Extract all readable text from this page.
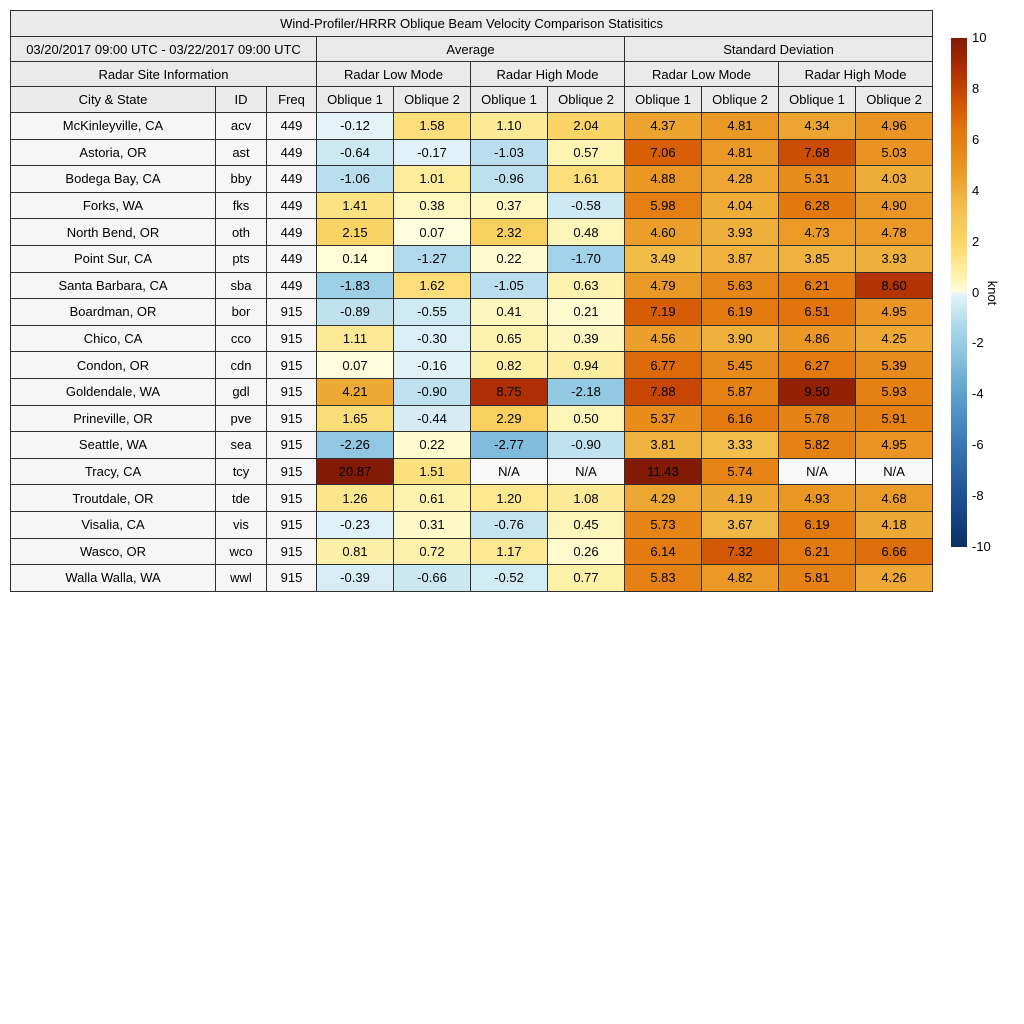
Wind-Profiler/HRRR Oblique Beam Velocity Comparison Statisitics										
03/20/2017 09:00 UTC - 03/22/2017 09:00 UTC			Average				Standard Deviation			
Radar Site Information			Radar Low Mode		Radar High Mode		Radar Low Mode		Radar High Mode	
City & State	ID	Freq	Oblique 1	Oblique 2	Oblique 1	Oblique 2	Oblique 1	Oblique 2	Oblique 1	Oblique 2
McKinleyville, CA	acv	449	-0.12	1.58	1.10	2.04	4.37	4.81	4.34	4.96
Astoria, OR	ast	449	-0.64	-0.17	-1.03	0.57	7.06	4.81	7.68	5.03
Bodega Bay, CA	bby	449	-1.06	1.01	-0.96	1.61	4.88	4.28	5.31	4.03
Forks, WA	fks	449	1.41	0.38	0.37	-0.58	5.98	4.04	6.28	4.90
North Bend, OR	oth	449	2.15	0.07	2.32	0.48	4.60	3.93	4.73	4.78
Point Sur, CA	pts	449	0.14	-1.27	0.22	-1.70	3.49	3.87	3.85	3.93
Santa Barbara, CA	sba	449	-1.83	1.62	-1.05	0.63	4.79	5.63	6.21	8.60
Boardman, OR	bor	915	-0.89	-0.55	0.41	0.21	7.19	6.19	6.51	4.95
Chico, CA	cco	915	1.11	-0.30	0.65	0.39	4.56	3.90	4.86	4.25
Condon, OR	cdn	915	0.07	-0.16	0.82	0.94	6.77	5.45	6.27	5.39
Goldendale, WA	gdl	915	4.21	-0.90	8.75	-2.18	7.88	5.87	9.50	5.93
Prineville, OR	pve	915	1.65	-0.44	2.29	0.50	5.37	6.16	5.78	5.91
Seattle, WA	sea	915	-2.26	0.22	-2.77	-0.90	3.81	3.33	5.82	4.95
Tracy, CA	tcy	915	20.87	1.51	N/A	N/A	11.43	5.74	N/A	N/A
Troutdale, OR	tde	915	1.26	0.61	1.20	1.08	4.29	4.19	4.93	4.68
Visalia, CA	vis	915	-0.23	0.31	-0.76	0.45	5.73	3.67	6.19	4.18
Wasco, OR	wco	915	0.81	0.72	1.17	0.26	6.14	7.32	6.21	6.66
Walla Walla, WA	wwl	915	-0.39	-0.66	-0.52	0.77	5.83	4.82	5.81	4.26
10
8
6
4
2
0
-2
-4
-6
-8
-10
knot
